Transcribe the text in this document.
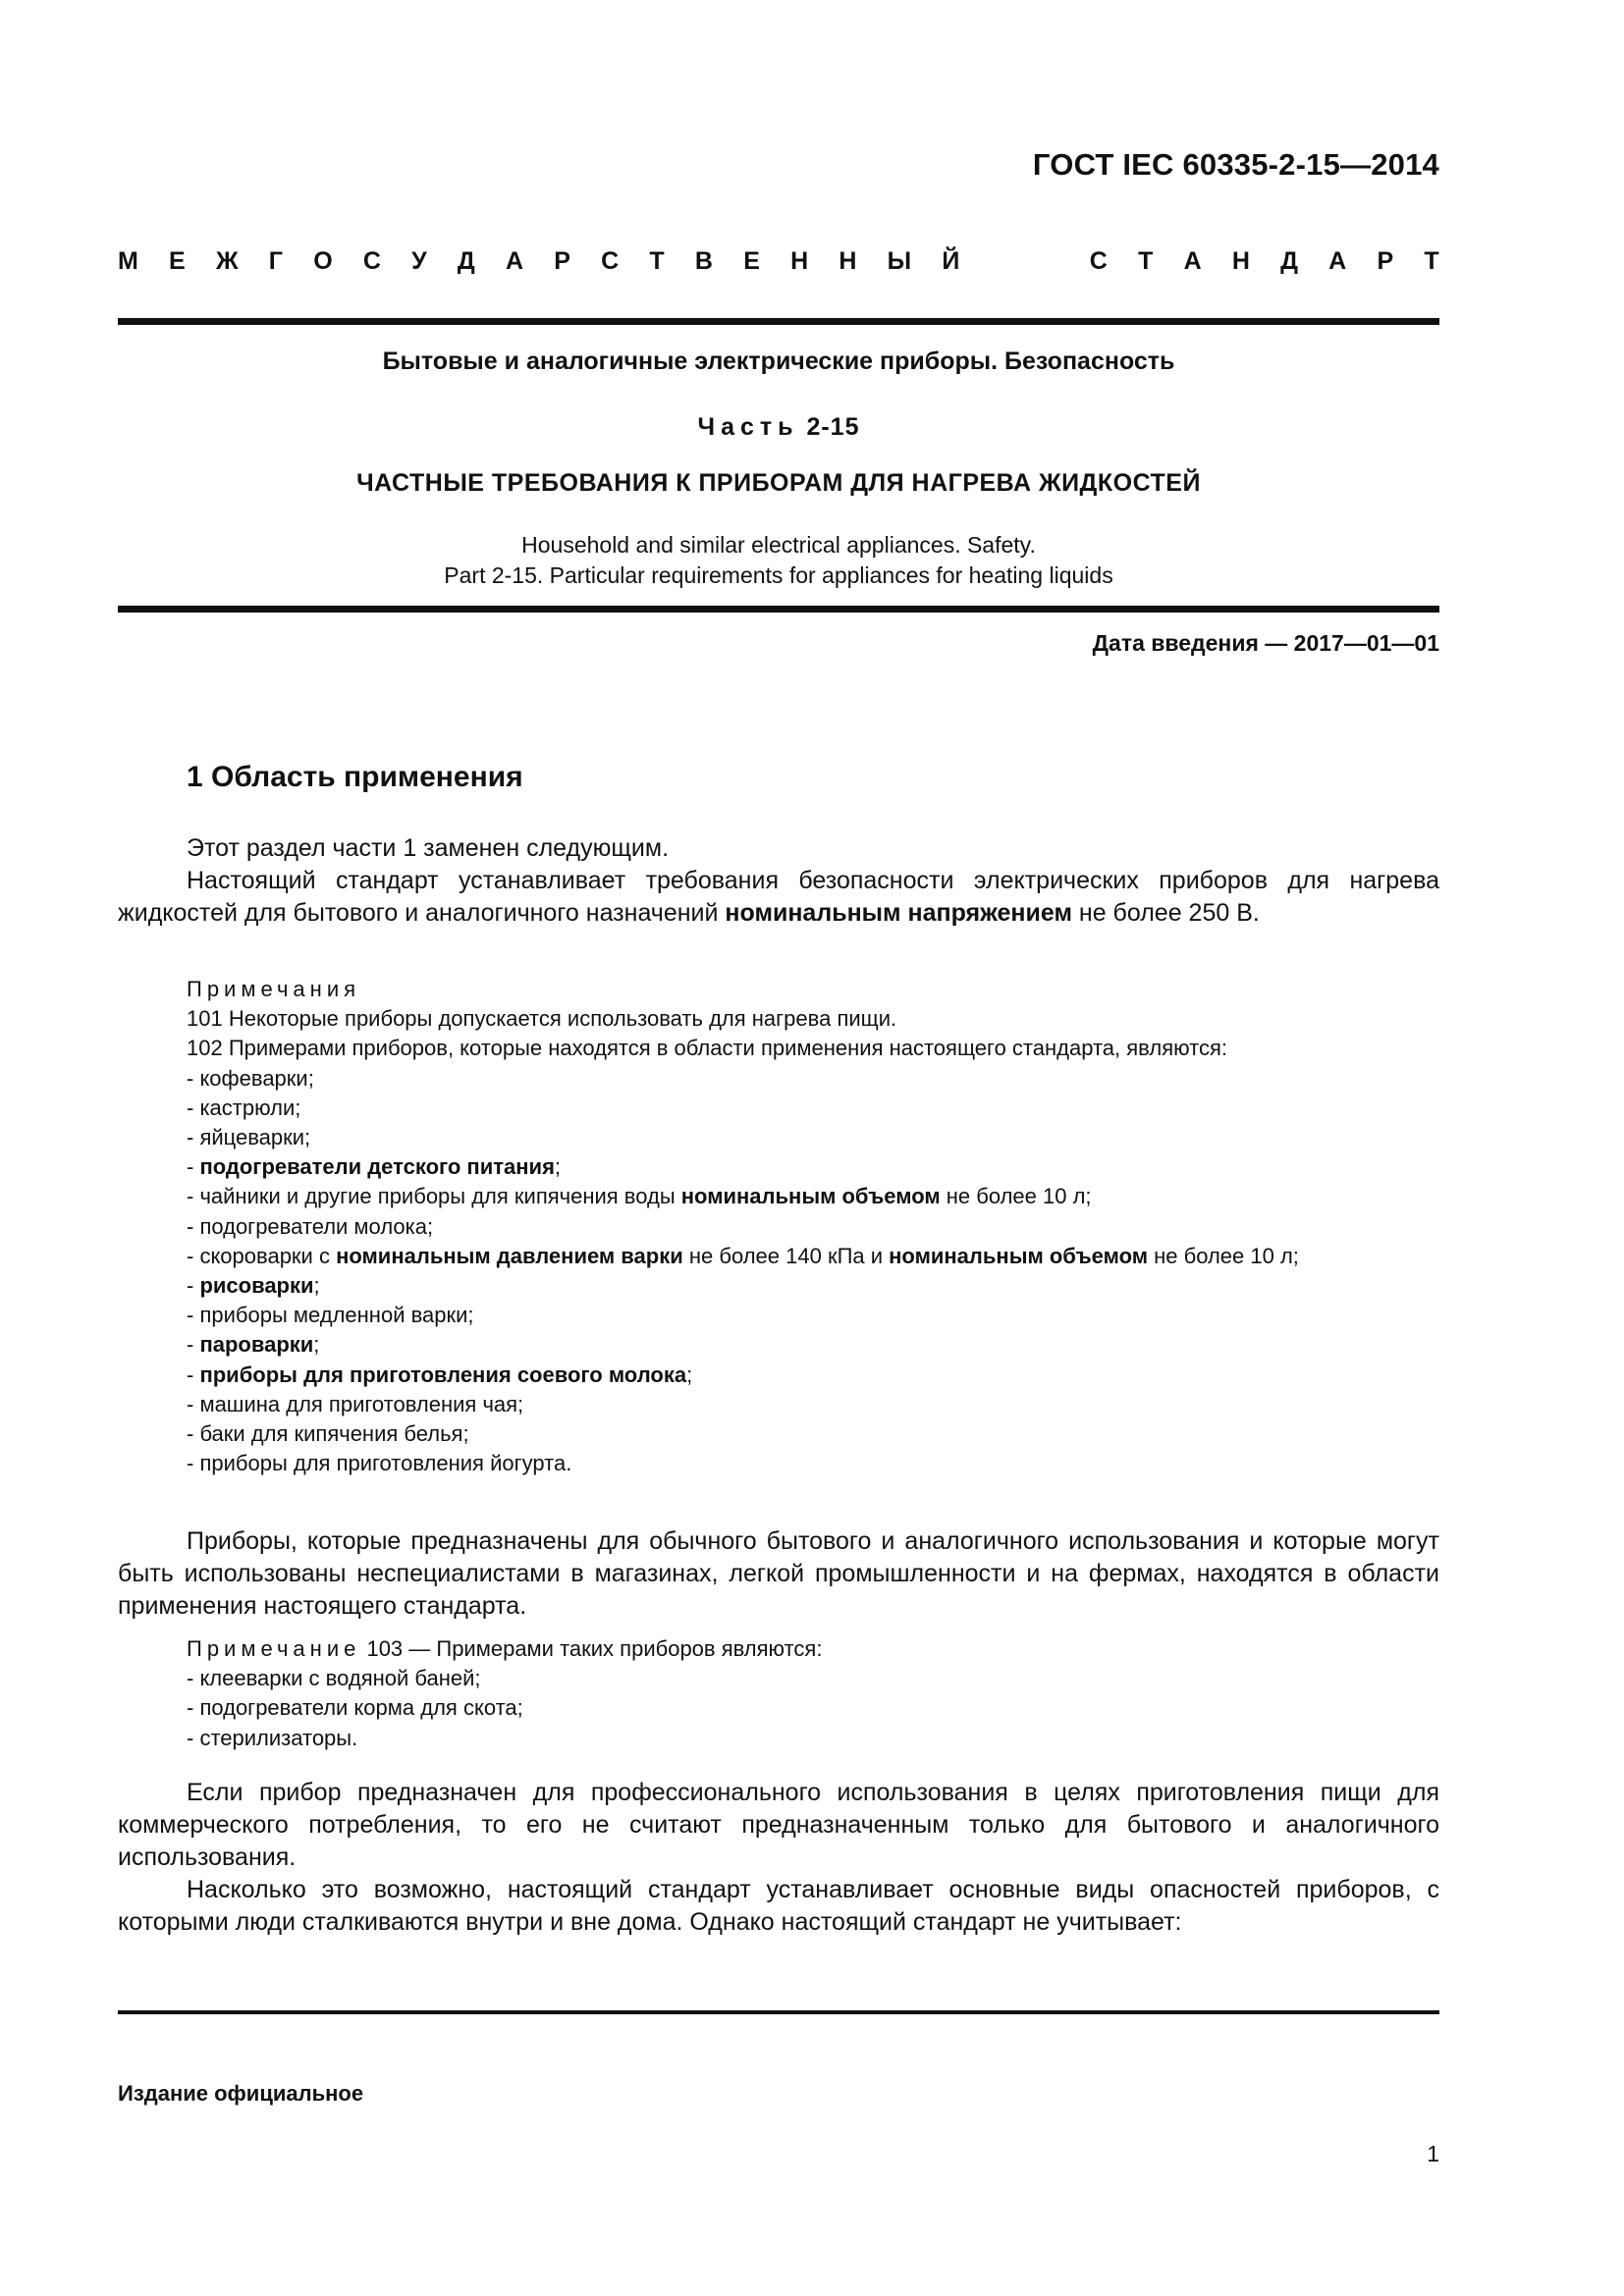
ГОСТ IEC 60335-2-15—2014
М Е Ж Г О С У Д А Р С Т В Е Н Н Ы Й	С Т А Н Д А Р Т
Бытовые и аналогичные электрические приборы. Безопасность
Часть 2-15
ЧАСТНЫЕ ТРЕБОВАНИЯ К ПРИБОРАМ ДЛЯ НАГРЕВА ЖИДКОСТЕЙ
Household and similar electrical appliances. Safety.
Part 2-15. Particular requirements for appliances for heating liquids
Дата введения — 2017—01—01
1 Область применения

Этот раздел части 1 заменен следующим.

Настоящий стандарт устанавливает требования безопасности электрических приборов для нагрева жидкостей для бытового и аналогичного назначений номинальным напряжением не более 250 В.

Примечания
101 Некоторые приборы допускается использовать для нагрева пищи.
102 Примерами приборов, которые находятся в области применения настоящего стандарта, являются:
- кофеварки;
- кастрюли;
- яйцеварки;
- подогреватели детского питания;
- чайники и другие приборы для кипячения воды номинальным объемом не более 10 л;
- подогреватели молока;
- скороварки с номинальным давлением варки не более 140 кПа и номинальным объемом не более 10 л;
- рисоварки;
- приборы медленной варки;
- пароварки;
- приборы для приготовления соевого молока;
- машина для приготовления чая;
- баки для кипячения белья;
- приборы для приготовления йогурта.

Приборы, которые предназначены для обычного бытового и аналогичного использования и которые могут быть использованы неспециалистами в магазинах, легкой промышленности и на фермах, находятся в области применения настоящего стандарта.

Примечание 103 — Примерами таких приборов являются:
- клееварки с водяной баней;
- подогреватели корма для скота;
- стерилизаторы.

Если прибор предназначен для профессионального использования в целях приготовления пищи для коммерческого потребления, то его не считают предназначенным только для бытового и аналогичного использования.

Насколько это возможно, настоящий стандарт устанавливает основные виды опасностей приборов, с которыми люди сталкиваются внутри и вне дома. Однако настоящий стандарт не учитывает:

Издание официальное
1
